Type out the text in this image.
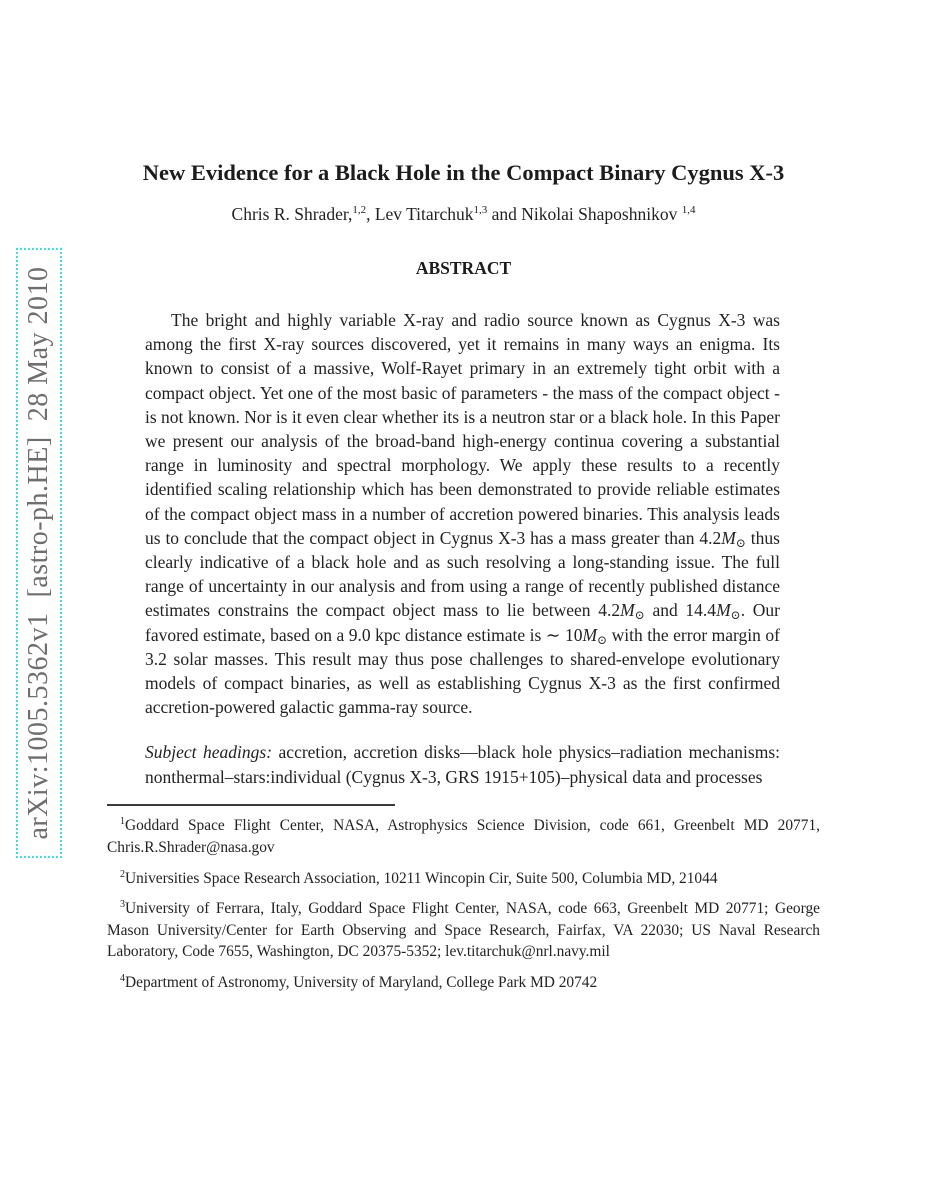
arXiv:1005.5362v1  [astro-ph.HE]  28 May 2010
New Evidence for a Black Hole in the Compact Binary Cygnus X-3
Chris R. Shrader,$^{1,2}$, Lev Titarchuk$^{1,3}$ and Nikolai Shaposhnikov $^{1,4}$
ABSTRACT

The bright and highly variable X-ray and radio source known as Cygnus X-3 was among the first X-ray sources discovered, yet it remains in many ways an enigma. Its known to consist of a massive, Wolf-Rayet primary in an extremely tight orbit with a compact object. Yet one of the most basic of parameters - the mass of the compact object - is not known. Nor is it even clear whether its is a neutron star or a black hole. In this Paper we present our analysis of the broad-band high-energy continua covering a substantial range in luminosity and spectral morphology. We apply these results to a recently identified scaling relationship which has been demonstrated to provide reliable estimates of the compact object mass in a number of accretion powered binaries. This analysis leads us to conclude that the compact object in Cygnus X-3 has a mass greater than $4.2M_⊙$ thus clearly indicative of a black hole and as such resolving a long-standing issue. The full range of uncertainty in our analysis and from using a range of recently published distance estimates constrains the compact object mass to lie between $4.2M_⊙$ and $14.4M_⊙$. Our favored estimate, based on a 9.0 kpc distance estimate is ∼ $10M_⊙$ with the error margin of 3.2 solar masses. This result may thus pose challenges to shared-envelope evolutionary models of compact binaries, as well as establishing Cygnus X-3 as the first confirmed accretion-powered galactic gamma-ray source.

Subject headings: accretion, accretion disks—black hole physics–radiation mechanisms: nonthermal–stars:individual (Cygnus X-3, GRS 1915+105)–physical data and processes

$^1$Goddard Space Flight Center, NASA, Astrophysics Science Division, code 661, Greenbelt MD 20771, Chris.R.Shrader@nasa.gov

$^2$Universities Space Research Association, 10211 Wincopin Cir, Suite 500, Columbia MD, 21044

$^3$University of Ferrara, Italy, Goddard Space Flight Center, NASA, code 663, Greenbelt MD 20771; George Mason University/Center for Earth Observing and Space Research, Fairfax, VA 22030; US Naval Research Laboratory, Code 7655, Washington, DC 20375-5352; lev.titarchuk@nrl.navy.mil

$^4$Department of Astronomy, University of Maryland, College Park MD 20742
